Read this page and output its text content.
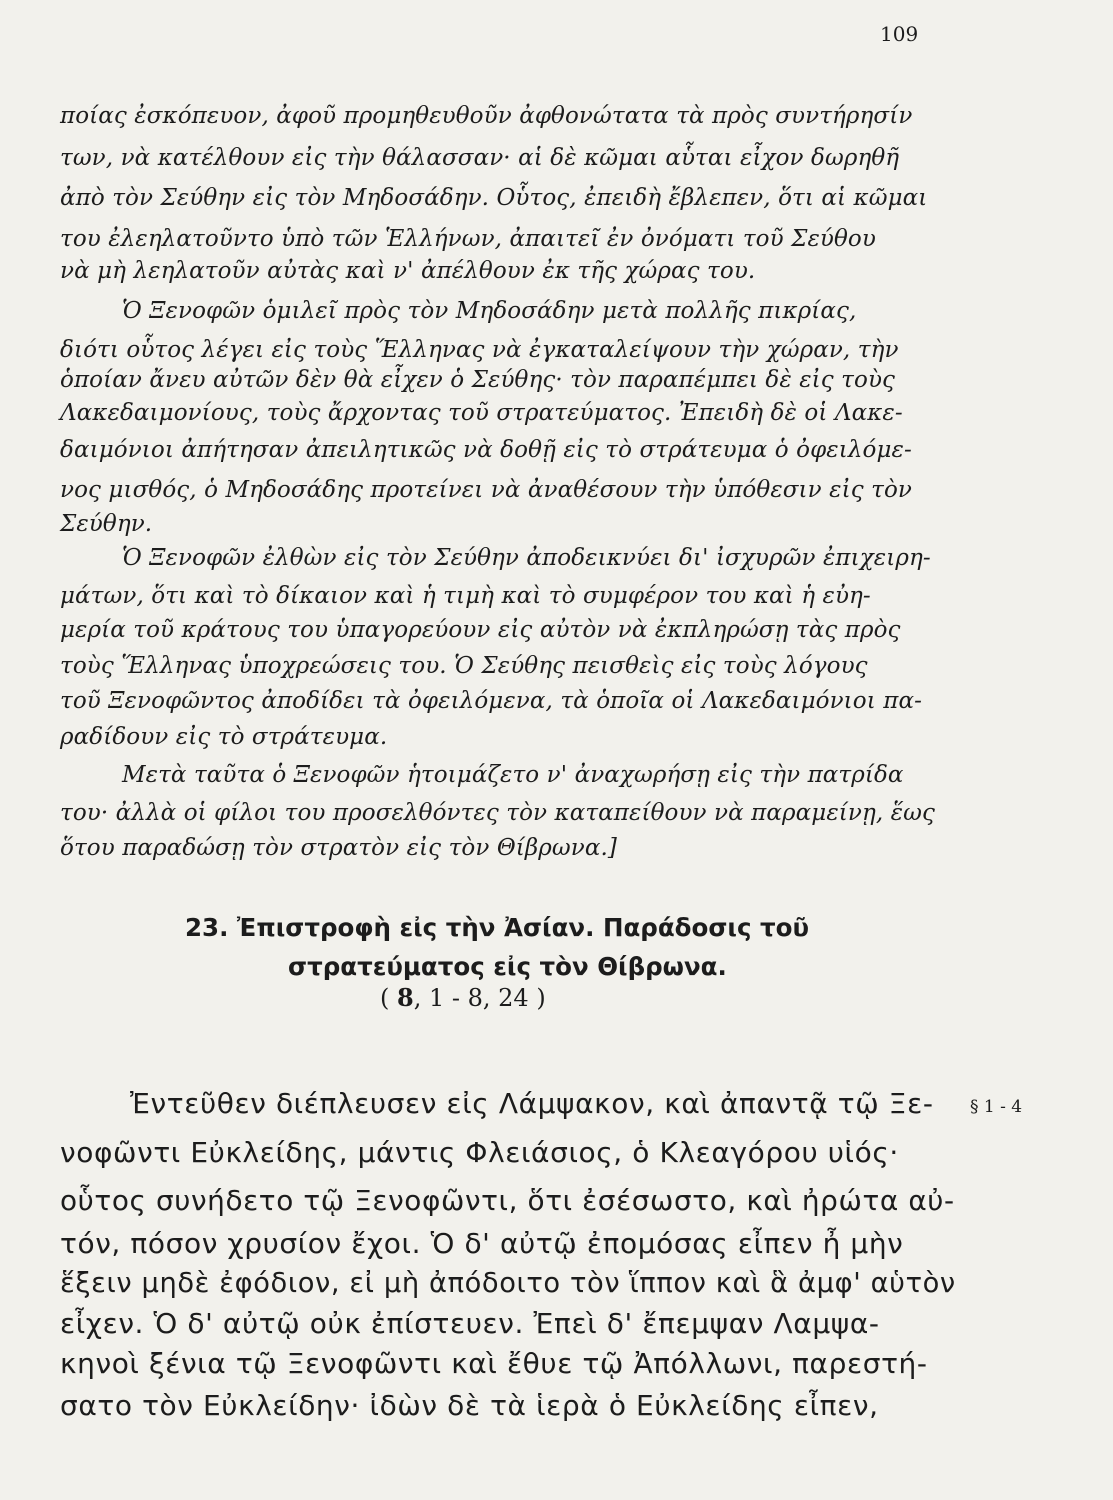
109

ποίας ἐσκόπευον, ἀφοῦ προμηθευθοῦν ἀφθονώτατα τὰ πρὸς συντήρησίν

των, νὰ κατέλθουν εἰς τὴν θάλασσαν· αἱ δὲ κῶμαι αὗται εἶχον δωρηθῆ

ἀπὸ τὸν Σεύθην εἰς τὸν Μηδοσάδην. Οὗτος, ἐπειδὴ ἔβλεπεν, ὅτι αἱ κῶμαι

του ἐλεηλατοῦντο ὑπὸ τῶν Ἑλλήνων, ἀπαιτεῖ ἐν ὀνόματι τοῦ Σεύθου

νὰ μὴ λεηλατοῦν αὐτὰς καὶ ν' ἀπέλθουν ἐκ τῆς χώρας του.

Ὁ Ξενοφῶν ὁμιλεῖ πρὸς τὸν Μηδοσάδην μετὰ πολλῆς πικρίας,

διότι οὗτος λέγει εἰς τοὺς Ἕλληνας νὰ ἐγκαταλείψουν τὴν χώραν, τὴν

ὁποίαν ἄνευ αὐτῶν δὲν θὰ εἶχεν ὁ Σεύθης· τὸν παραπέμπει δὲ εἰς τοὺς

Λακεδαιμονίους, τοὺς ἄρχοντας τοῦ στρατεύματος. Ἐπειδὴ δὲ οἱ Λακε-

δαιμόνιοι ἀπήτησαν ἀπειλητικῶς νὰ δοθῇ εἰς τὸ στράτευμα ὁ ὀφειλόμε-

νος μισθός, ὁ Μηδοσάδης προτείνει νὰ ἀναθέσουν τὴν ὑπόθεσιν εἰς τὸν

Σεύθην.

Ὁ Ξενοφῶν ἐλθὼν εἰς τὸν Σεύθην ἀποδεικνύει δι' ἰσχυρῶν ἐπιχειρη-

μάτων, ὅτι καὶ τὸ δίκαιον καὶ ἡ τιμὴ καὶ τὸ συμφέρον του καὶ ἡ εὐη-

μερία τοῦ κράτους του ὑπαγορεύουν εἰς αὐτὸν νὰ ἐκπληρώσῃ τὰς πρὸς

τοὺς Ἕλληνας ὑποχρεώσεις του. Ὁ Σεύθης πεισθεὶς εἰς τοὺς λόγους

τοῦ Ξενοφῶντος ἀποδίδει τὰ ὀφειλόμενα, τὰ ὁποῖα οἱ Λακεδαιμόνιοι πα-

ραδίδουν εἰς τὸ στράτευμα.

Μετὰ ταῦτα ὁ Ξενοφῶν ἡτοιμάζετο ν' ἀναχωρήσῃ εἰς τὴν πατρίδα

του· ἀλλὰ οἱ φίλοι του προσελθόντες τὸν καταπείθουν νὰ παραμείνῃ, ἕως

ὅτου παραδώσῃ τὸν στρατὸν εἰς τὸν Θίβρωνα.]

23. Ἐπιστροφὴ εἰς τὴν Ἀσίαν. Παράδοσις τοῦ

στρατεύματος εἰς τὸν Θίβρωνα.

( 8, 1 - 8, 24 )
§ 1 - 4

Ἐντεῦθεν διέπλευσεν εἰς Λάμψακον, καὶ ἀπαντᾷ τῷ Ξε-

νοφῶντι Εὐκλείδης, μάντις Φλειάσιος, ὁ Κλεαγόρου υἱός·

οὗτος συνήδετο τῷ Ξενοφῶντι, ὅτι ἐσέσωστο, καὶ ἠρώτα αὐ-

τόν, πόσον χρυσίον ἔχοι. Ὁ δ' αὐτῷ ἐπομόσας εἶπεν ἦ μὴν

ἕξειν μηδὲ ἐφόδιον, εἰ μὴ ἀπόδοιτο τὸν ἵππον καὶ ἃ ἀμφ' αὑτὸν

εἶχεν. Ὁ δ' αὐτῷ οὐκ ἐπίστευεν. Ἐπεὶ δ' ἔπεμψαν Λαμψα-

κηνοὶ ξένια τῷ Ξενοφῶντι καὶ ἔθυε τῷ Ἀπόλλωνι, παρεστή-

σατο τὸν Εὐκλείδην· ἰδὼν δὲ τὰ ἱερὰ ὁ Εὐκλείδης εἶπεν,
